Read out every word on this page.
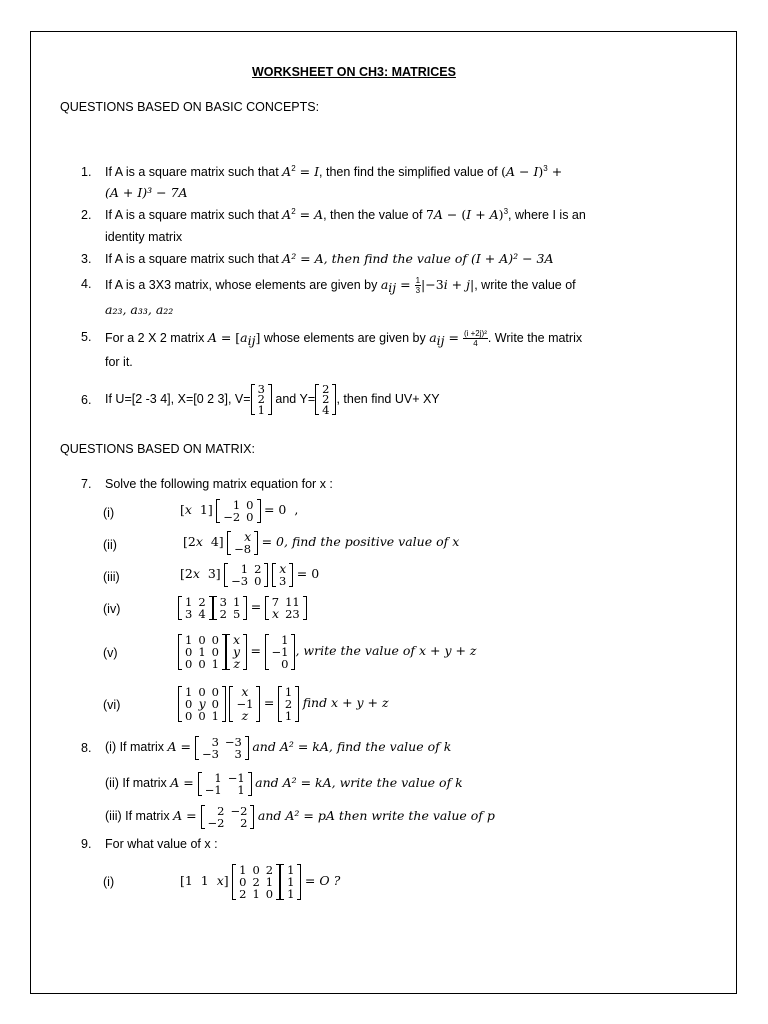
WORKSHEET ON CH3: MATRICES
QUESTIONS BASED ON BASIC CONCEPTS:
1. If A is a square matrix such that $A^2 = I$, then find the simplified value of $(A - I)^3$ +
(A + I)³ − 7A
2. If A is a square matrix such that $A^2 = A$, then the value of $7A - (I + A)^3$, where I is an
identity matrix
3. If A is a square matrix such that A² = A, then find the value of (I + A)² − 3A
4. If A is a 3X3 matrix, whose elements are given by $a_{ij} = \frac{1}{3} |-3i + j|$, write the value of
a₂₃, a₃₃, a₂₂
5. For a 2 X 2 matrix $A = [a_{ij}]$ whose elements are given by $a_{ij} = \frac{\text{(i +2j)²}}{4}$ . Write the matrix
for it.
6. If U=[2 -3 4], X=[0 2 3], V=
3
2
1
and Y=
2
2
4
, then find UV+ XY
QUESTIONS BASED ON MATRIX:
7. Solve the following matrix equation for x :
(i)	[x  1] 1	0
−2	0 = 0  ,
(ii)	[2x  4] x
−8 = 0, find the positive value of x
(iii)	[2x  3] 1	2
−3	0

x
3 = 0
(iv)
1	2
3	4
3	1
2	5 = 7	11
x	23
(v)
1	0	0
0	1	0
0	0	1
x
y
z
=
1
−1
0
, write the value of x + y + z
(vi)
1	0	0
0	y	0
0	0	1

x
−1
z
=
1
2
1
find x + y + z
8. (i) If matrix A = 3	−3
−3	3 and A² = kA, find the value of k
(ii) If matrix A = 1	−1
−1	1 and A² = kA, write the value of k
(iii) If matrix A = 2	−2
−2	2 and A² = pA then write the value of p
9. For what value of x :
(i)	[1  1  x]
1	0	2
0	2	1
2	1	0
1
1
1
= O ?
